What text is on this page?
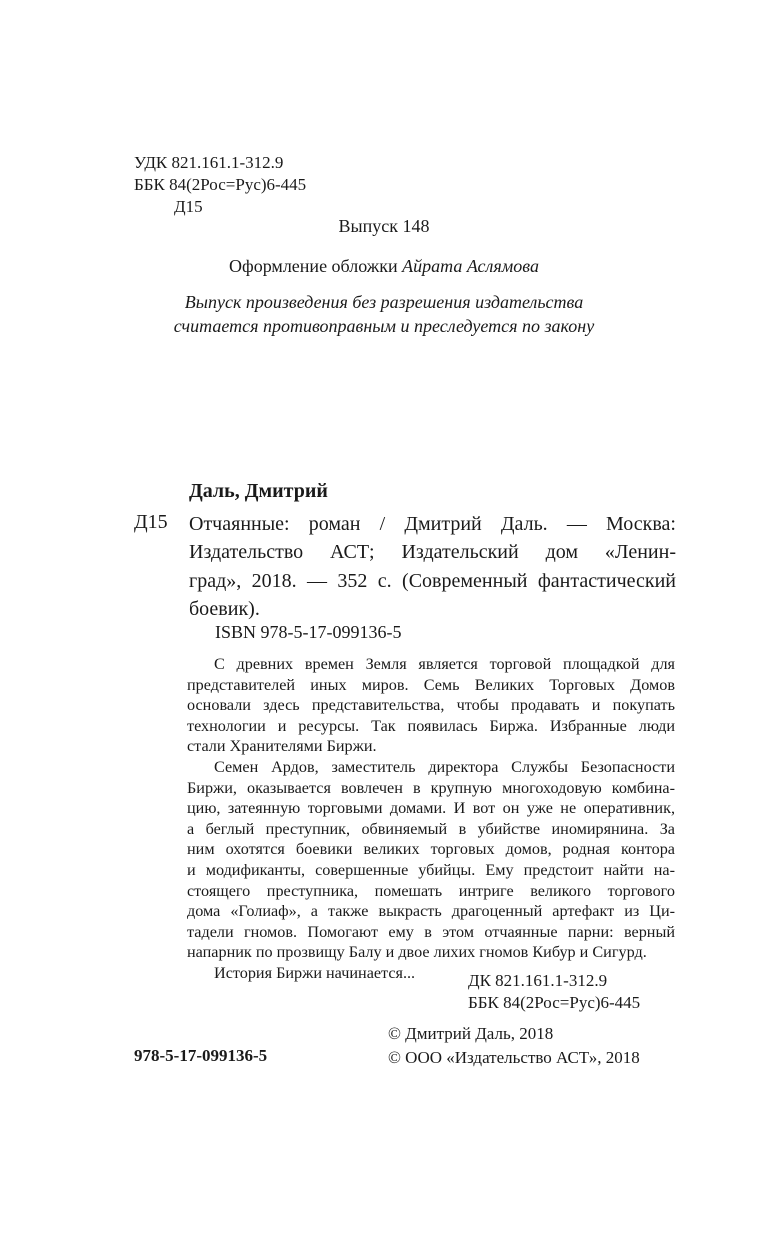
УДК 821.161.1-312.9
ББК 84(2Рос=Рус)6-445
Д15
Выпуск 148
Оформление обложки Айрата Аслямова
Выпуск произведения без разрешения издательства
считается противоправным и преследуется по закону
Даль, Дмитрий
Д15 Отчаянные: роман / Дмитрий Даль. — Москва:
Издательство АСТ; Издательский дом «Ленин-
град», 2018. — 352 с. (Современный фантастический
боевик).
ISBN 978-5-17-099136-5
С древних времен Земля является торговой площадкой для
представителей иных миров. Семь Великих Торговых Домов
основали здесь представительства, чтобы продавать и покупать
технологии и ресурсы. Так появилась Биржа. Избранные люди
стали Хранителями Биржи.
Семен Ардов, заместитель директора Службы Безопасности
Биржи, оказывается вовлечен в крупную многоходовую комбина-
цию, затеянную торговыми домами. И вот он уже не оперативник,
а беглый преступник, обвиняемый в убийстве иномирянина. За
ним охотятся боевики великих торговых домов, родная контора
и модификанты, совершенные убийцы. Ему предстоит найти на-
стоящего преступника, помешать интриге великого торгового
дома «Голиаф», а также выкрасть драгоценный артефакт из Ци-
тадели гномов. Помогают ему в этом отчаянные парни: верный
напарник по прозвищу Балу и двое лихих гномов Кибур и Сигурд.
История Биржи начинается...	ДК 821.161.1-312.9
ББК 84(2Рос=Рус)6-445
© Дмитрий Даль, 2018
© ООО «Издательство АСТ», 2018
978-5-17-099136-5
